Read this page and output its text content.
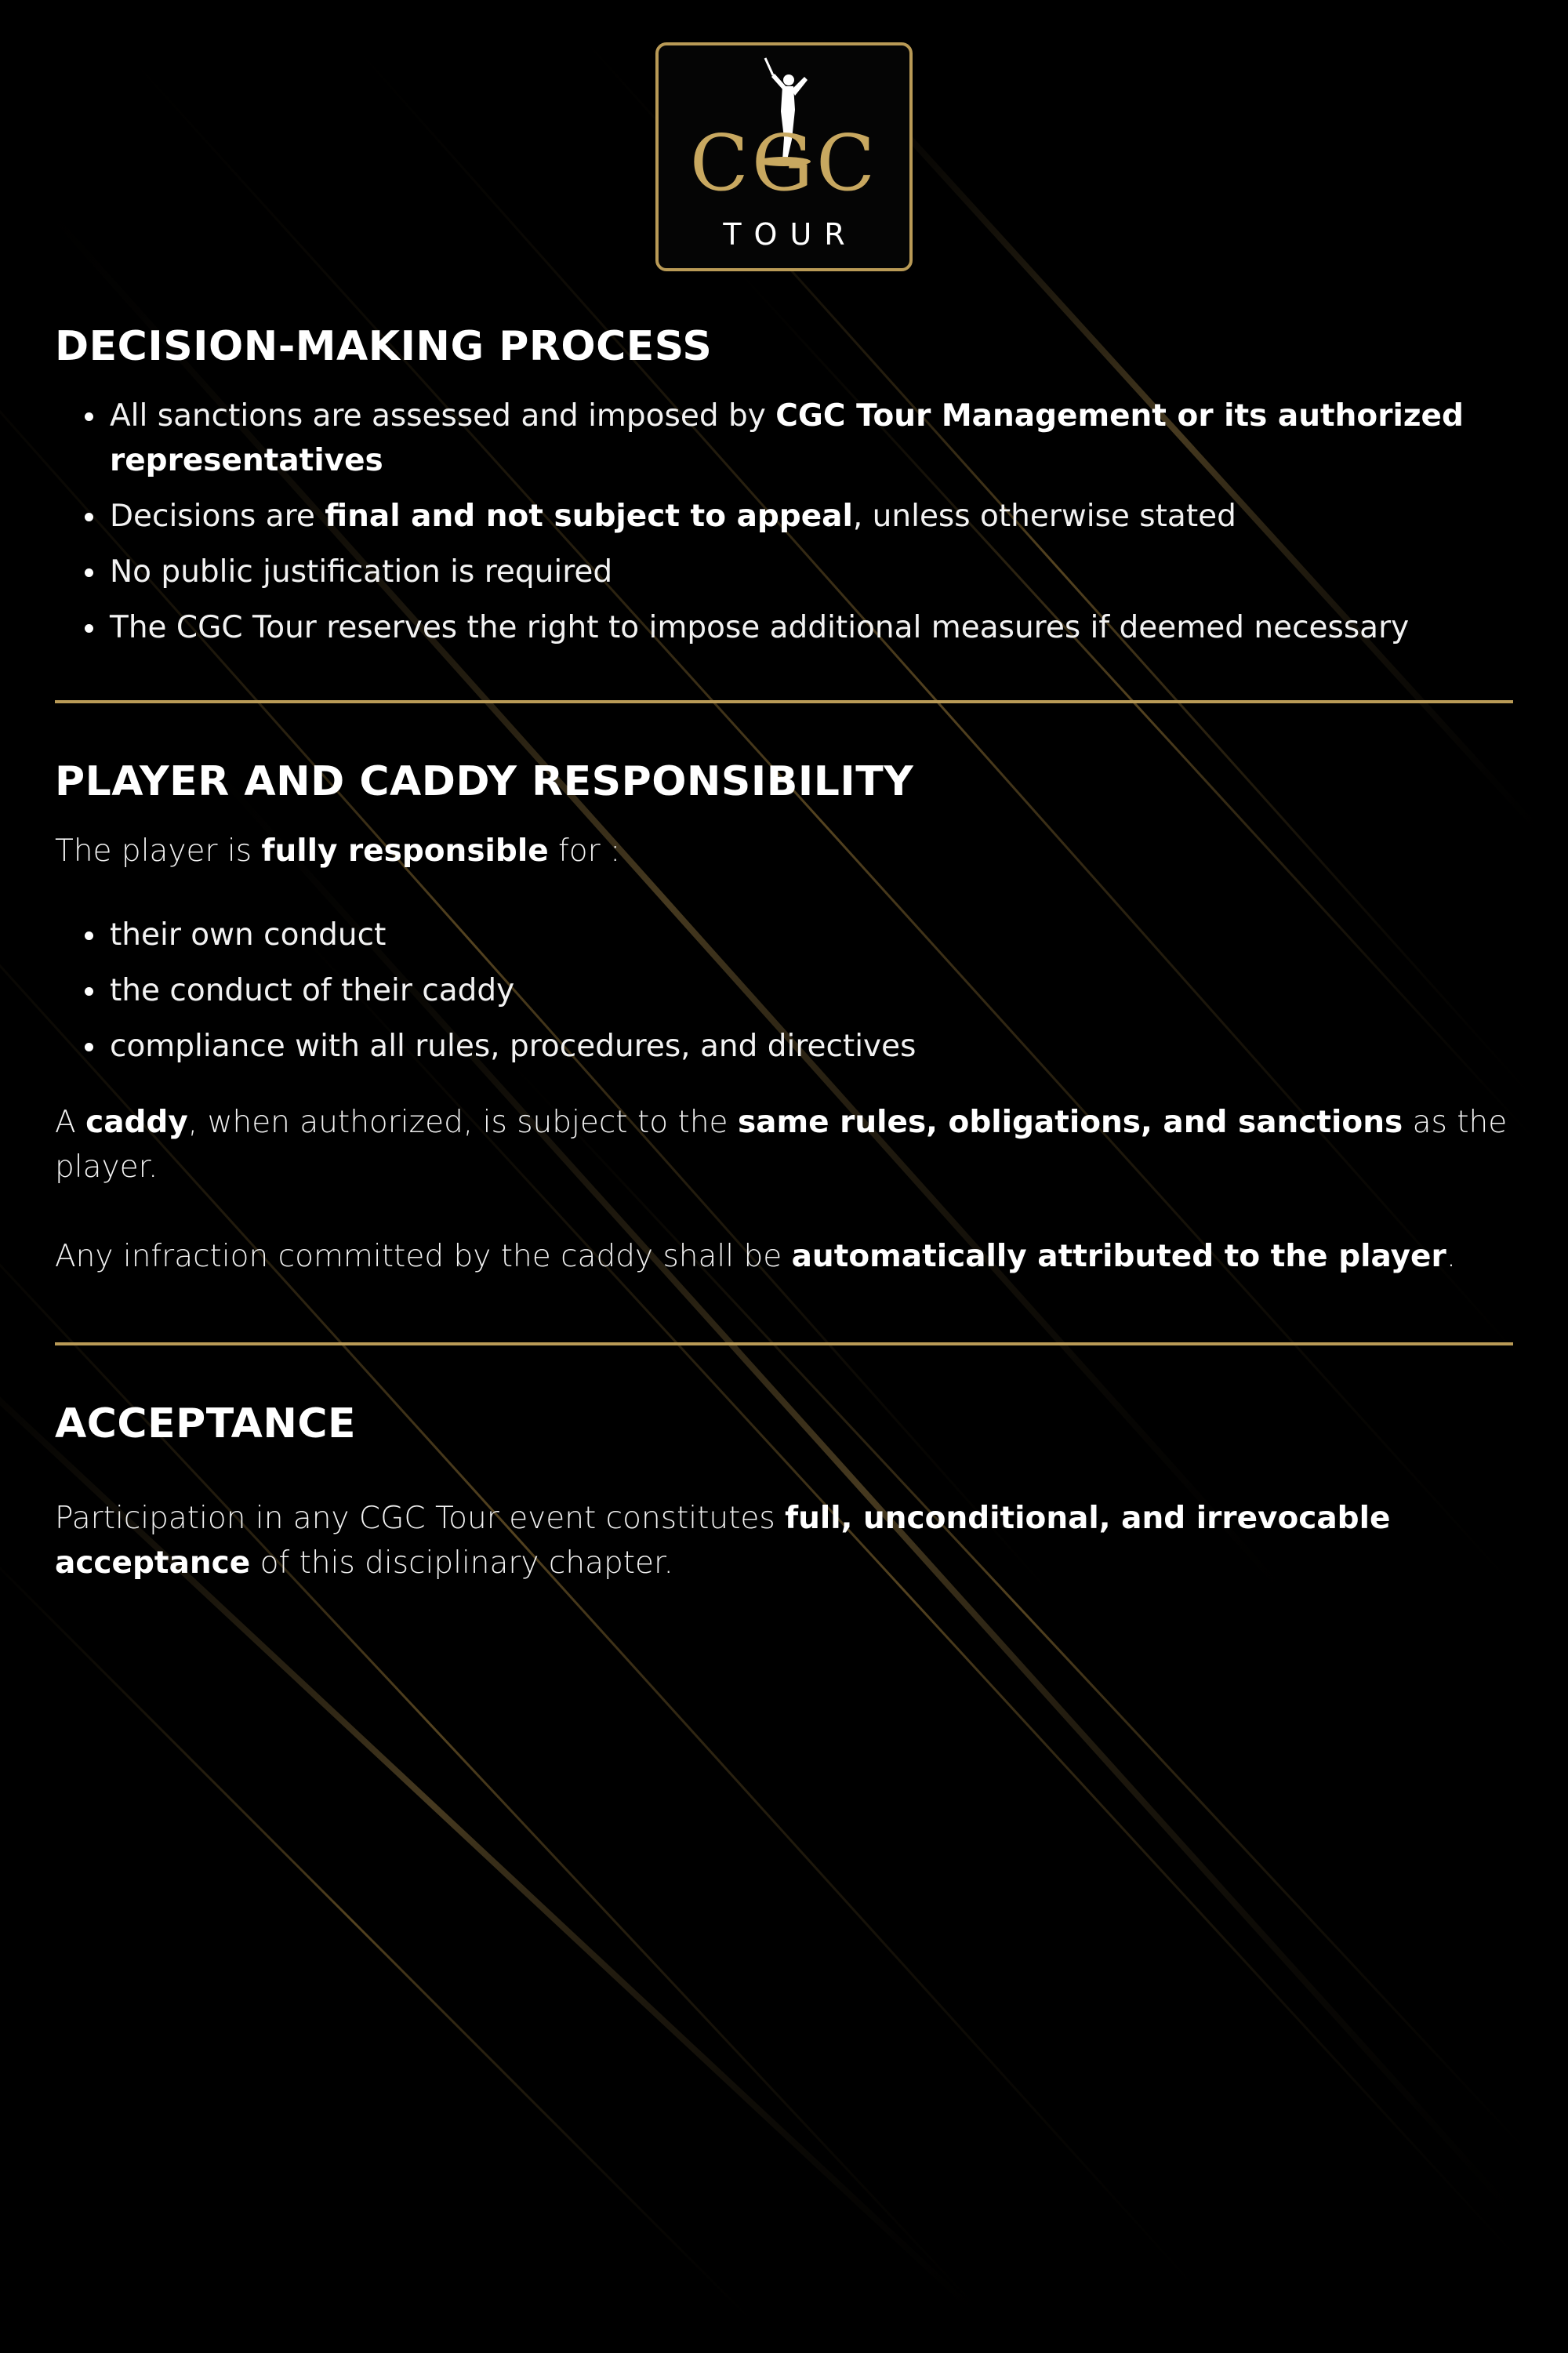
CGC
TOUR
DECISION-MAKING PROCESS
All sanctions are assessed and imposed by CGC Tour Management or its authorized representatives
Decisions are final and not subject to appeal, unless otherwise stated
No public justification is required
The CGC Tour reserves the right to impose additional measures if deemed necessary
PLAYER AND CADDY RESPONSIBILITY

The player is fully responsible for :

their own conduct
the conduct of their caddy
compliance with all rules, procedures, and directives

A caddy, when authorized, is subject to the same rules, obligations, and sanctions as the player.

Any infraction committed by the caddy shall be automatically attributed to the player.

ACCEPTANCE

Participation in any CGC Tour event constitutes full, unconditional, and irrevocable acceptance of this disciplinary chapter.
